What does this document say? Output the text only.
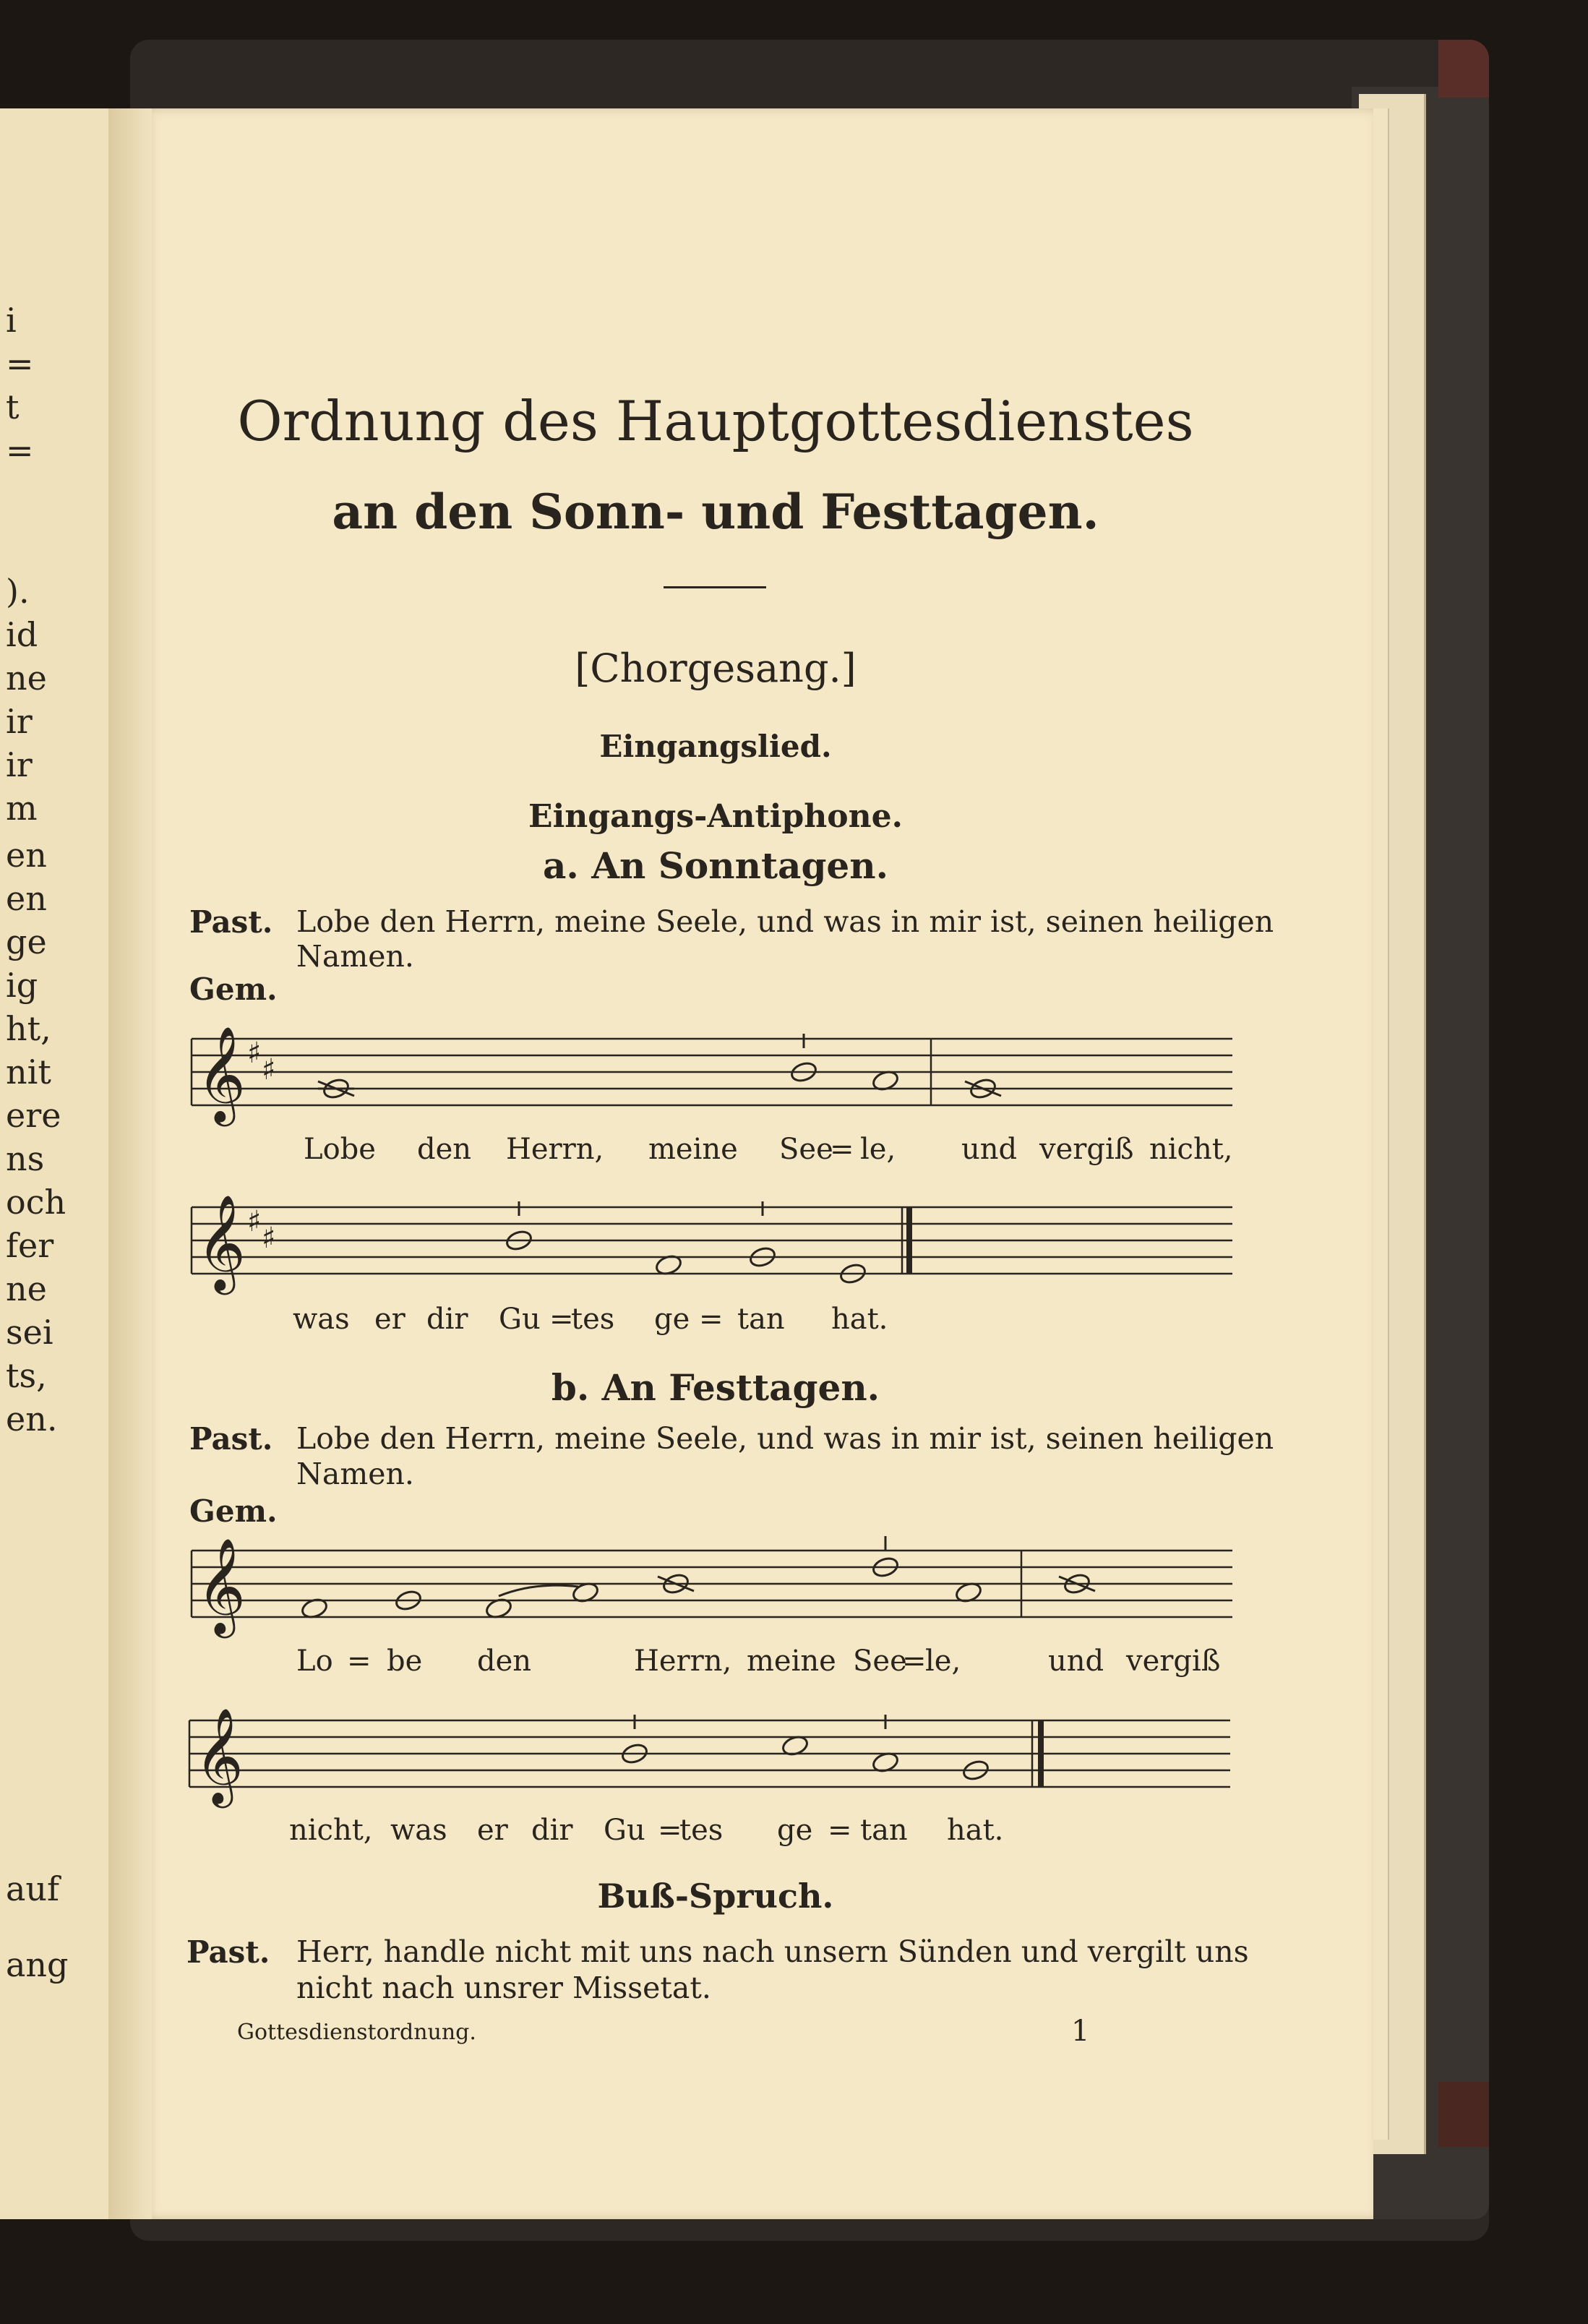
i
=
t
=
).
id
ne
ir
ir
m
en
en
ge
ig
ht,
nit
ere
ns
och
fer
ne
sei
ts,
en.
auf
ang
Ordnung des Hauptgottesdienstes
an den Sonn- und Festtagen.
[Chorgesang.]
Eingangslied.
Eingangs-Antiphone.
a. An Sonntagen.
Past. Lobe den Herrn, meine Seele, und was in mir ist, seinen heiligen
Namen.
Gem.
𝄞 ♯ ♯
𝄞 ♯ ♯
𝄞
𝄞
Lobe den Herrn, meine See
= le, und vergiß nicht,
was er dir Gu =
tes ge = tan hat.
b. An Festtagen.
Past. Lobe den Herrn, meine Seele, und was in mir ist, seinen heiligen
Namen.
Gem.
Lo = be den	Herrn, meine See
=
le,	und vergiß
nicht, was er dir Gu =
tes ge = tan hat.
Buß-Spruch.
Past. Herr, handle nicht mit uns nach unsern Sünden und vergilt uns
nicht nach unsrer Missetat.
Gottesdienstordnung.	1
